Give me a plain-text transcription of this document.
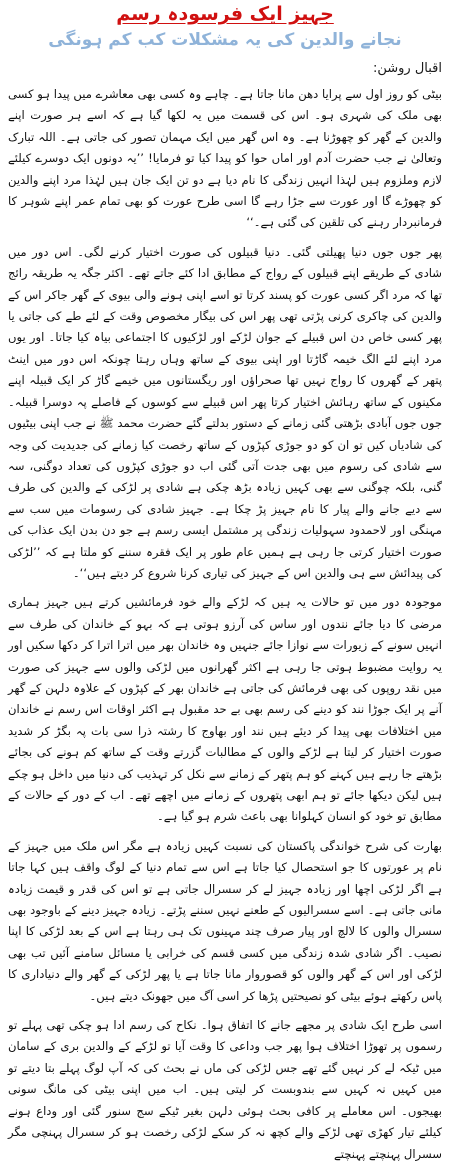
جہیز ایک فرسودہ رسم
نجانے والدین کی یہ مشکلات کب کم ہونگی
اقبال روشن:

بیٹی کو روز اول سے پرایا دھن مانا جاتا ہے۔ چاہے وہ کسی بھی معاشرے میں پیدا ہو کسی بھی ملک کی شہری ہو۔ اس کی قسمت میں یہ لکھا گیا ہے کہ اسے ہر صورت اپنے والدین کے گھر کو چھوڑنا ہے۔ وہ اس گھر میں ایک مہمان تصور کی جاتی ہے۔ اللہ تبارک وتعالیٰ نے جب حضرت آدم اور اماں حوا کو پیدا کیا تو فرمایا! ’’یہ دونوں ایک دوسرے کیلئے لازم وملزوم ہیں لہٰذا انہیں زندگی کا نام دیا ہے دو تن ایک جان ہیں لہٰذا مرد اپنے والدین کو چھوڑے گا اور عورت سے جڑا رہے گا اسی طرح عورت کو بھی تمام عمر اپنے شوہر کا فرمانبردار رہنے کی تلقین کی گئی ہے۔‘‘

پھر جوں جوں دنیا پھیلتی گئی۔ دنیا قبیلوں کی صورت اختیار کرنے لگی۔ اس دور میں شادی کے طریقے اپنے قبیلوں کے رواج کے مطابق ادا کئے جاتے تھے۔ اکثر جگہ یہ طریقہ رائج تھا کہ مرد اگر کسی عورت کو پسند کرتا تو اسے اپنی ہونے والی بیوی کے گھر جاکر اس کے والدین کی چاکری کرنی پڑتی تھی پھر اس کی بیگار مخصوص وقت کے لئے طے کی جاتی یا پھر کسی خاص دن اس قبیلے کے جوان لڑکے اور لڑکیوں کا اجتماعی بیاہ کیا جاتا۔ اور یوں مرد اپنے لئے الگ خیمہ گاڑتا اور اپنی بیوی کے ساتھ وہاں رہتا چونکہ اس دور میں اینٹ پتھر کے گھروں کا رواج نہیں تھا صحراؤں اور ریگستانوں میں خیمے گاڑ کر ایک قبیلہ اپنے مکینوں کے ساتھ رہائش اختیار کرتا پھر اس قبیلے سے کوسوں کے فاصلے پہ دوسرا قبیلہ۔ جوں جوں آبادی بڑھتی گئی زمانے کے دستور بدلتے گئے حضرت محمد ﷺ نے جب اپنی بیٹیوں کی شادیاں کیں تو ان کو دو جوڑی کپڑوں کے ساتھ رخصت کیا زمانے کی جدیدیت کی وجہ سے شادی کی رسوم میں بھی جدت آتی گئی اب دو جوڑی کپڑوں کی تعداد دوگنی، سہ گنی، بلکہ چوگنی سے بھی کہیں زیادہ بڑھ چکی ہے شادی پر لڑکی کے والدین کی طرف سے دیے جانے والے پیار کا نام جہیز پڑ چکا ہے۔ جہیز شادی کی رسومات میں سب سے مہنگی اور لاحمدود سہولیات زندگی پر مشتمل ایسی رسم ہے جو دن بدن ایک عذاب کی صورت اختیار کرتی جا رہی ہے ہمیں عام طور پر ایک فقرہ سننے کو ملتا ہے کہ ’’لڑکی کی پیدائش سے ہی والدین اس کے جہیز کی تیاری کرنا شروع کر دیتے ہیں‘‘۔

موجودہ دور میں تو حالات یہ ہیں کہ لڑکے والے خود فرمائشیں کرتے ہیں جہیز ہماری مرضی کا دیا جائے نندوں اور ساس کی آرزو ہوتی ہے کہ بہو کے خاندان کی طرف سے انہیں سونے کے زیورات سے نوازا جائے جنہیں وہ خاندان بھر میں اترا اترا کر دکھا سکیں اور یہ روایت مضبوط ہوتی جا رہی ہے اکثر گھرانوں میں لڑکی والوں سے جہیز کی صورت میں نقد روپوں کی بھی فرمائش کی جاتی ہے خاندان بھر کے کپڑوں کے علاوہ دلہن کے گھر آنے پر ایک جوڑا نند کو دینے کی رسم بھی بے حد مقبول ہے اکثر اوقات اس رسم نے خاندان میں اختلافات بھی پیدا کر دیئے ہیں نند اور بھاوج کا رشتہ ذرا سی بات پہ بگڑ کر شدید صورت اختیار کر لیتا ہے لڑکے والوں کے مطالبات گزرتے وقت کے ساتھ کم ہونے کی بجائے بڑھتے جا رہے ہیں کہنے کو ہم پتھر کے زمانے سے نکل کر تہذیب کی دنیا میں داخل ہو چکے ہیں لیکن دیکھا جائے تو ہم ابھی پتھروں کے زمانے میں اچھے تھے۔ اب کے دور کے حالات کے مطابق تو خود کو انسان کہلوانا بھی باعث شرم ہو گیا ہے۔

بھارت کی شرح خواندگی پاکستان کی نسبت کہیں زیادہ ہے مگر اس ملک میں جہیز کے نام پر عورتوں کا جو استحصال کیا جاتا ہے اس سے تمام دنیا کے لوگ واقف ہیں کہا جاتا ہے اگر لڑکی اچھا اور زیادہ جہیز لے کر سسرال جاتی ہے تو اس کی قدر و قیمت زیادہ مانی جاتی ہے۔ اسے سسرالیوں کے طعنے نہیں سننے پڑتے۔ زیادہ جہیز دینے کے باوجود بھی سسرال والوں کا لالچ اور پیار صرف چند مہینوں تک ہی رہتا ہے اس کے بعد لڑکی کا اپنا نصیب۔ اگر شادی شدہ زندگی میں کسی قسم کی خرابی یا مسائل سامنے آئیں تب بھی لڑکی اور اس کے گھر والوں کو قصوروار مانا جاتا ہے یا پھر لڑکی کے گھر والے دنیاداری کا پاس رکھتے ہوئے بیٹی کو نصیحتیں پڑھا کر اسی آگ میں جھونک دیتے ہیں۔

اسی طرح ایک شادی پر مجھے جانے کا اتفاق ہوا۔ نکاح کی رسم ادا ہو چکی تھی پہلے تو رسموں پر تھوڑا اختلاف ہوا پھر جب وداعی کا وقت آیا تو لڑکے کے والدین بری کے سامان میں ٹیکہ لے کر نہیں گئے تھے جس لڑکی کی ماں نے بحث کی کہ آپ لوگ پہلے بتا دیتے تو میں کہیں نہ کہیں سے بندوبست کر لیتی ہیں۔ اب میں اپنی بیٹی کی مانگ سونی بھیجوں۔ اس معاملے پر کافی بحث ہوئی دلہن بغیر ٹیکے سج سنور گئی اور وداع ہونے کیلئے تیار کھڑی تھی لڑکے والے کچھ نہ کر سکے لڑکی رخصت ہو کر سسرال پہنچی مگر سسرال پہنچتے پہنچتے
